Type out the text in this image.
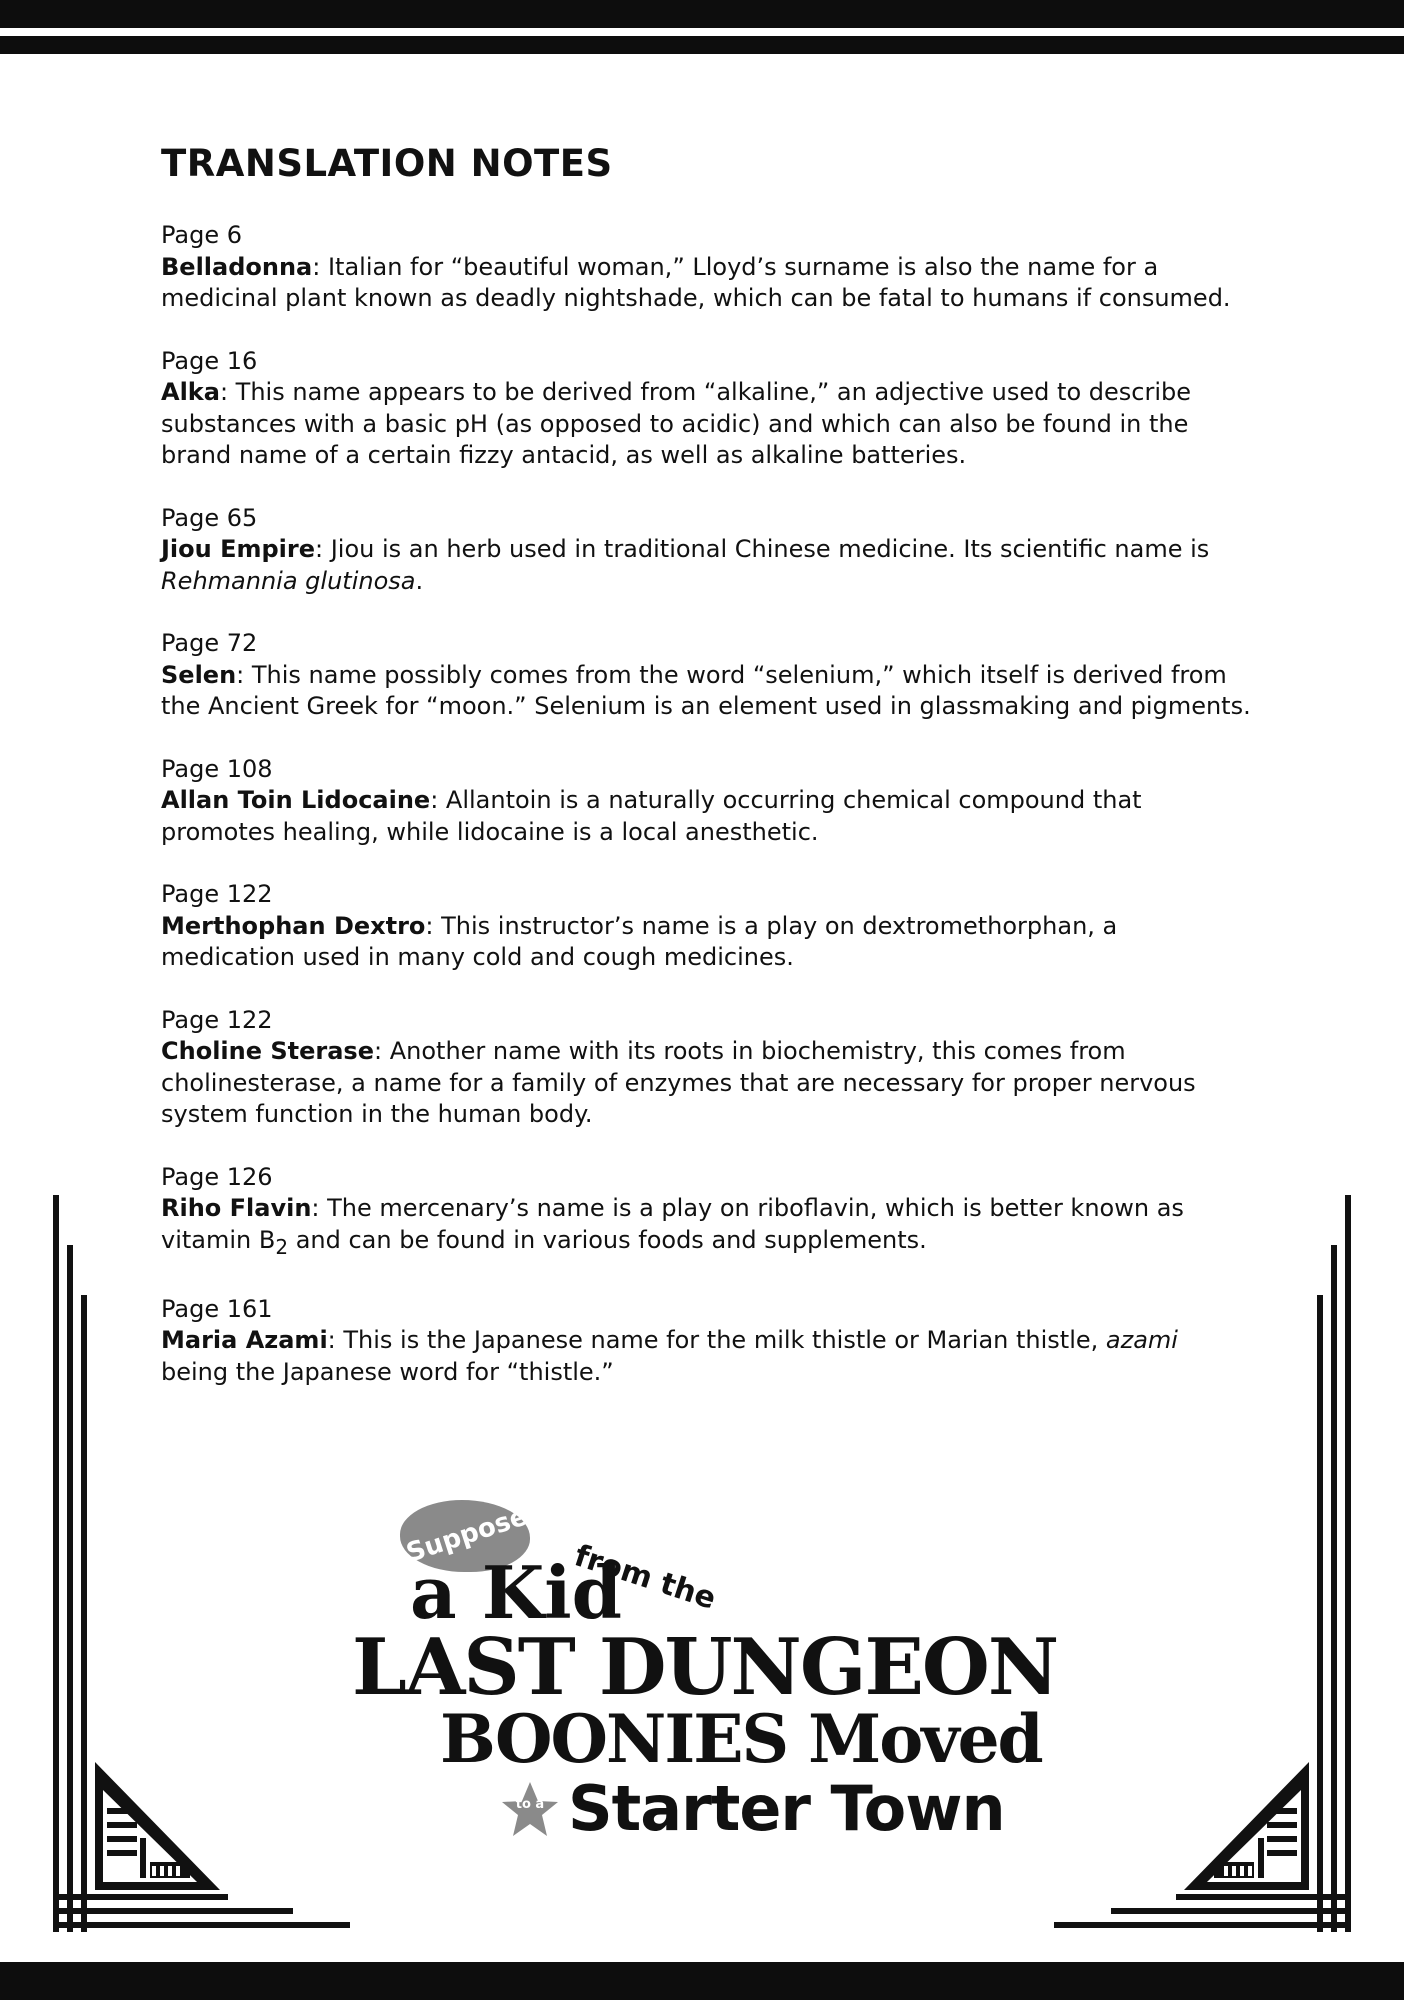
TRANSLATION NOTES
Page 6
Belladonna: Italian for “beautiful woman,” Lloyd’s surname is also the name for a medicinal plant known as deadly nightshade, which can be fatal to humans if consumed.
Page 16
Alka: This name appears to be derived from “alkaline,” an adjective used to describe substances with a basic pH (as opposed to acidic) and which can also be found in the brand name of a certain fizzy antacid, as well as alkaline batteries.
Page 65
Jiou Empire: Jiou is an herb used in traditional Chinese medicine. Its scientific name is Rehmannia glutinosa.
Page 72
Selen: This name possibly comes from the word “selenium,” which itself is derived from the Ancient Greek for “moon.” Selenium is an element used in glassmaking and pigments.
Page 108
Allan Toin Lidocaine: Allantoin is a naturally occurring chemical compound that promotes healing, while lidocaine is a local anesthetic.
Page 122
Merthophan Dextro: This instructor’s name is a play on dextromethorphan, a medication used in many cold and cough medicines.
Page 122
Choline Sterase: Another name with its roots in biochemistry, this comes from cholinesterase, a name for a family of enzymes that are necessary for proper nervous system function in the human body.
Page 126
Riho Flavin: The mercenary’s name is a play on riboflavin, which is better known as vitamin $B_2$ and can be found in various foods and supplements.
Page 161
Maria Azami: This is the Japanese name for the milk thistle or Marian thistle, azami being the Japanese word for “thistle.”
Suppose
a Kid
from the
LAST DUNGEON
BOONIES Moved
to a Starter Town
